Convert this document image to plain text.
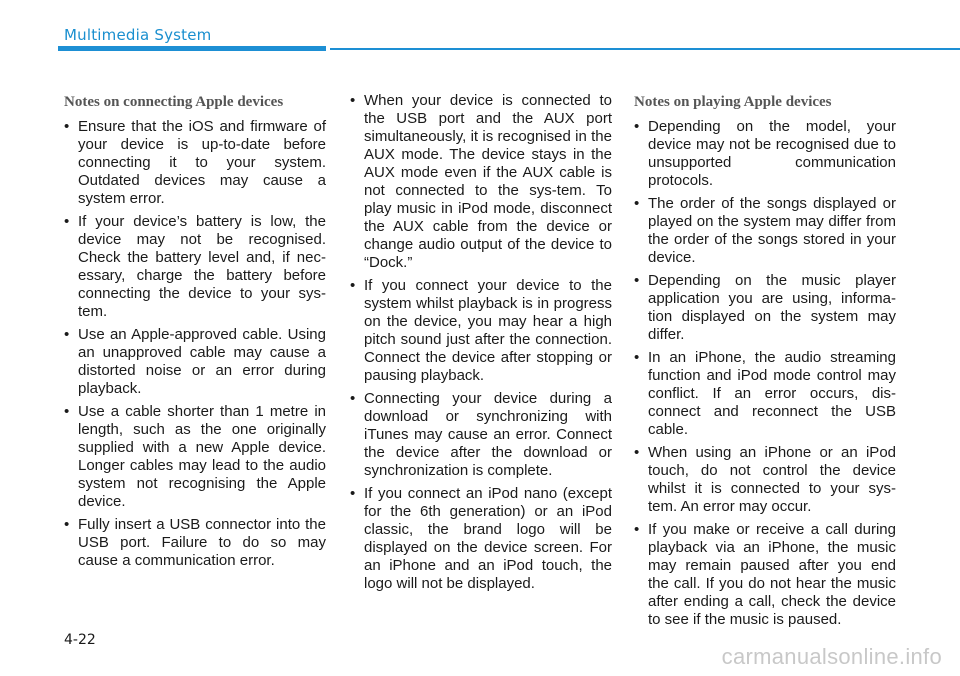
Multimedia System
Notes on connecting Apple devices
• Ensure that the iOS and firmware of your device is up-to-date before connecting it to your system. Outdated devices may cause a system error.
• If your device’s battery is low, the device may not be recognised. Check the battery level and, if nec-essary, charge the battery before connecting the device to your sys-tem.
• Use an Apple-approved cable. Using an unapproved cable may cause a distorted noise or an error during playback.
• Use a cable shorter than 1 metre in length, such as the one originally supplied with a new Apple device. Longer cables may lead to the audio system not recognising the Apple device.
• Fully insert a USB connector into the USB port. Failure to do so may cause a communication error.
• When your device is connected to the USB port and the AUX port simultaneously, it is recognised in the AUX mode. The device stays in the AUX mode even if the AUX cable is not connected to the sys-tem. To play music in iPod mode, disconnect the AUX cable from the device or change audio output of the device to “Dock.”
• If you connect your device to the system whilst playback is in progress on the device, you may hear a high pitch sound just after the connection. Connect the device after stopping or pausing playback.
• Connecting your device during a download or synchronizing with iTunes may cause an error. Connect the device after the download or synchronization is complete.
• If you connect an iPod nano (except for the 6th generation) or an iPod classic, the brand logo will be displayed on the device screen. For an iPhone and an iPod touch, the logo will not be displayed.
Notes on playing Apple devices
• Depending on the model, your device may not be recognised due to unsupported communication protocols.
• The order of the songs displayed or played on the system may differ from the order of the songs stored in your device.
• Depending on the music player application you are using, informa-tion displayed on the system may differ.
• In an iPhone, the audio streaming function and iPod mode control may conflict. If an error occurs, dis-connect and reconnect the USB cable.
• When using an iPhone or an iPod touch, do not control the device whilst it is connected to your sys-tem. An error may occur.
• If you make or receive a call during playback via an iPhone, the music may remain paused after you end the call. If you do not hear the music after ending a call, check the device to see if the music is paused.
4-22
carmanualsonline.info
